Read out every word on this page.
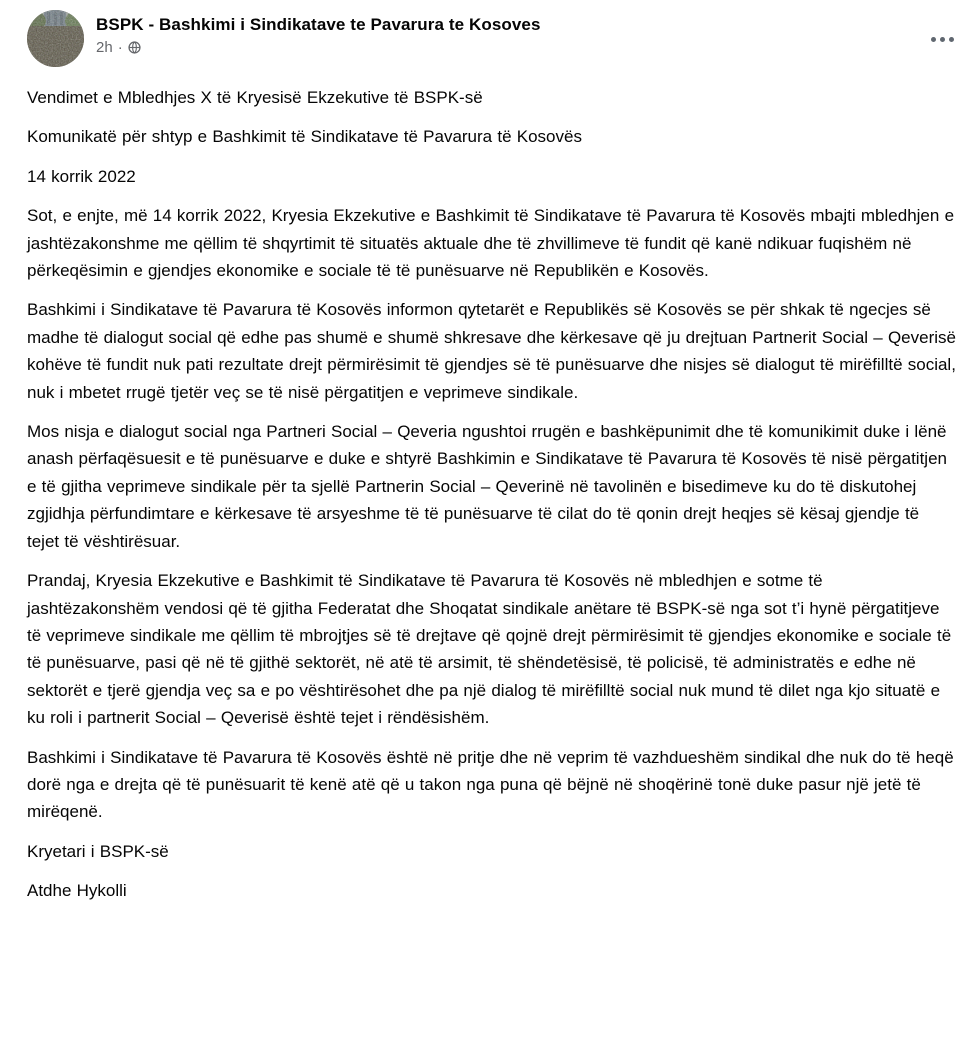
BSPK - Bashkimi i Sindikatave te Pavarura te Kosoves
2h ·

Vendimet e Mbledhjes X të Kryesisë Ekzekutive të BSPK-së

Komunikatë për shtyp e Bashkimit të Sindikatave të Pavarura të Kosovës

14 korrik 2022

Sot, e enjte, më 14 korrik 2022, Kryesia Ekzekutive e Bashkimit të Sindikatave të Pavarura të Kosovës mbajti mbledhjen e jashtëzakonshme me qëllim të shqyrtimit të situatës aktuale dhe të zhvillimeve të fundit që kanë ndikuar fuqishëm në përkeqësimin e gjendjes ekonomike e sociale të të punësuarve në Republikën e Kosovës.

Bashkimi i Sindikatave të Pavarura të Kosovës informon qytetarët e Republikës së Kosovës se për shkak të ngecjes së madhe të dialogut social që edhe pas shumë e shumë shkresave dhe kërkesave që ju drejtuan Partnerit Social – Qeverisë kohëve të fundit nuk pati rezultate drejt përmirësimit të gjendjes së të punësuarve dhe nisjes së dialogut të mirëfilltë social, nuk i mbetet rrugë tjetër veç se të nisë përgatitjen e veprimeve sindikale.

Mos nisja e dialogut social nga Partneri Social – Qeveria ngushtoi rrugën e bashkëpunimit dhe të komunikimit duke i lënë anash përfaqësuesit e të punësuarve e duke e shtyrë Bashkimin e Sindikatave të Pavarura të Kosovës të nisë përgatitjen e të gjitha veprimeve sindikale për ta sjellë Partnerin Social – Qeverinë në tavolinën e bisedimeve ku do të diskutohej zgjidhja përfundimtare e kërkesave të arsyeshme të të punësuarve të cilat do të qonin drejt heqjes së kësaj gjendje të tejet të vështirësuar.

Prandaj, Kryesia Ekzekutive e Bashkimit të Sindikatave të Pavarura të Kosovës në mbledhjen e sotme të jashtëzakonshëm vendosi që të gjitha Federatat dhe Shoqatat sindikale anëtare të BSPK-së nga sot t’i hynë përgatitjeve të veprimeve sindikale me qëllim të mbrojtjes së të drejtave që qojnë drejt përmirësimit të gjendjes ekonomike e sociale të të punësuarve, pasi që në të gjithë sektorët, në atë të arsimit, të shëndetësisë, të policisë, të administratës e edhe në sektorët e tjerë gjendja veç sa e po vështirësohet dhe pa një dialog të mirëfilltë social nuk mund të dilet nga kjo situatë e ku roli i partnerit Social – Qeverisë është tejet i rëndësishëm.

Bashkimi i Sindikatave të Pavarura të Kosovës është në pritje dhe në veprim të vazhdueshëm sindikal dhe nuk do të heqë dorë nga e drejta që të punësuarit të kenë atë që u takon nga puna që bëjnë në shoqërinë tonë duke pasur një jetë të mirëqenë.

Kryetari i BSPK-së

Atdhe Hykolli
